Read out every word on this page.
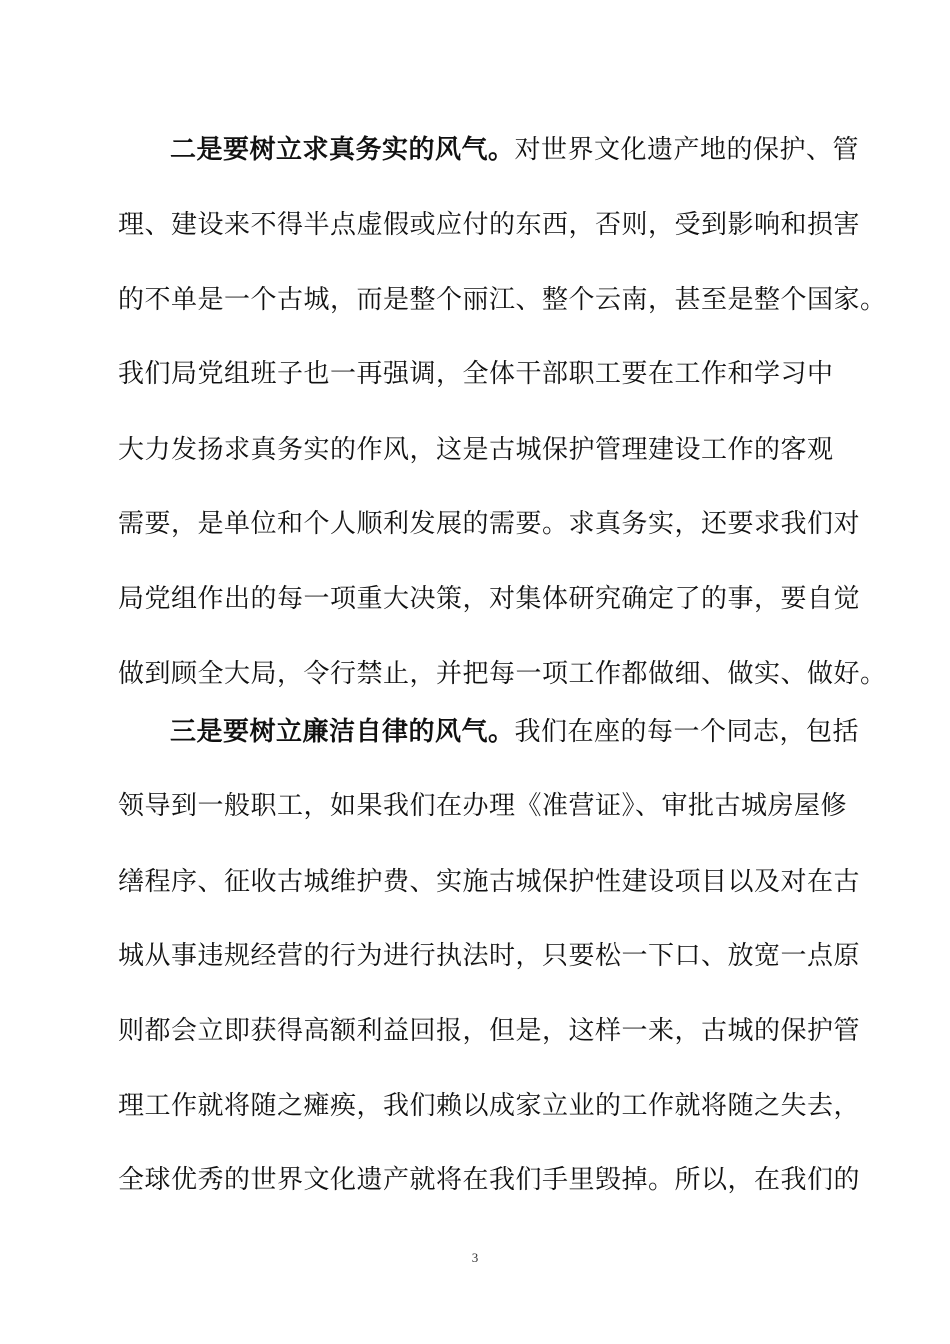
二是要树立求真务实的风气。对世界文化遗产地的保护、管
理、建设来不得半点虚假或应付的东西，否则，受到影响和损害
的不单是一个古城，而是整个丽江、整个云南，甚至是整个国家。
我们局党组班子也一再强调，全体干部职工要在工作和学习中
大力发扬求真务实的作风，这是古城保护管理建设工作的客观
需要，是单位和个人顺利发展的需要。求真务实，还要求我们对
局党组作出的每一项重大决策，对集体研究确定了的事，要自觉
做到顾全大局，令行禁止，并把每一项工作都做细、做实、做好。
三是要树立廉洁自律的风气。我们在座的每一个同志，包括
领导到一般职工，如果我们在办理《准营证》、审批古城房屋修
缮程序、征收古城维护费、实施古城保护性建设项目以及对在古
城从事违规经营的行为进行执法时，只要松一下口、放宽一点原
则都会立即获得高额利益回报，但是，这样一来，古城的保护管
理工作就将随之瘫痪，我们赖以成家立业的工作就将随之失去，
全球优秀的世界文化遗产就将在我们手里毁掉。所以，在我们的
3
